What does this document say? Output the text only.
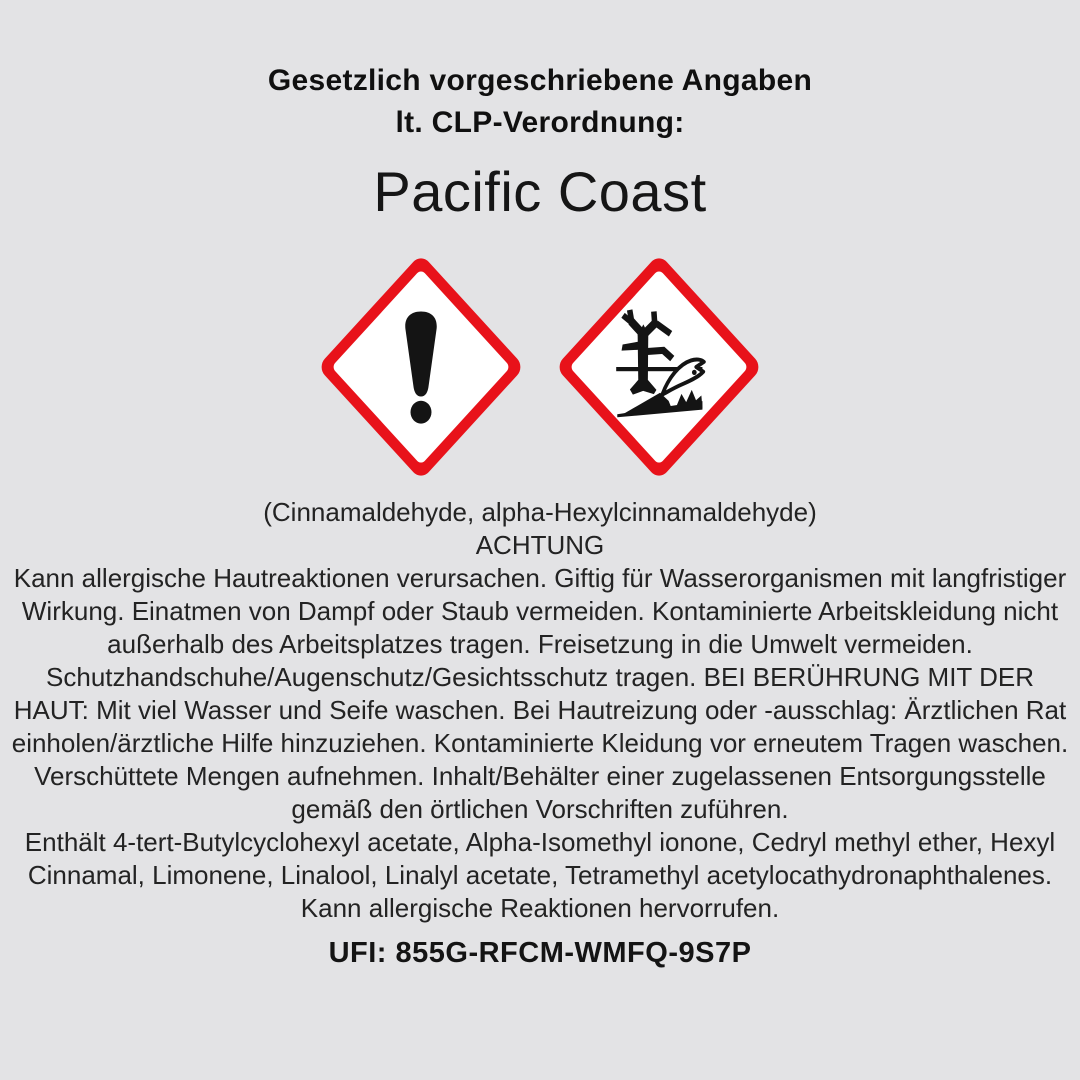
Gesetzlich vorgeschriebene Angaben
lt. CLP-Verordnung:
Pacific Coast
(Cinnamaldehyde, alpha-Hexylcinnamaldehyde)
ACHTUNG

Kann allergische Hautreaktionen verursachen. Giftig für Wasserorganismen mit langfristiger Wirkung. Einatmen von Dampf oder Staub vermeiden. Kontaminierte Arbeitskleidung nicht außerhalb des Arbeitsplatzes tragen. Freisetzung in die Umwelt vermeiden.

Schutzhandschuhe/Augenschutz/Gesichtsschutz tragen. BEI BERÜHRUNG MIT DER HAUT: Mit viel Wasser und Seife waschen. Bei Hautreizung oder -ausschlag: Ärztlichen Rat einholen/ärztliche Hilfe hinzuziehen. Kontaminierte Kleidung vor erneutem Tragen waschen. Verschüttete Mengen aufnehmen. Inhalt/Behälter einer zugelassenen Entsorgungsstelle gemäß den örtlichen Vorschriften zuführen.

Enthält 4-tert-Butylcyclohexyl acetate, Alpha-Isomethyl ionone, Cedryl methyl ether, Hexyl Cinnamal, Limonene, Linalool, Linalyl acetate, Tetramethyl acetylocathydronaphthalenes. Kann allergische Reaktionen hervorrufen.

UFI: 855G-RFCM-WMFQ-9S7P
